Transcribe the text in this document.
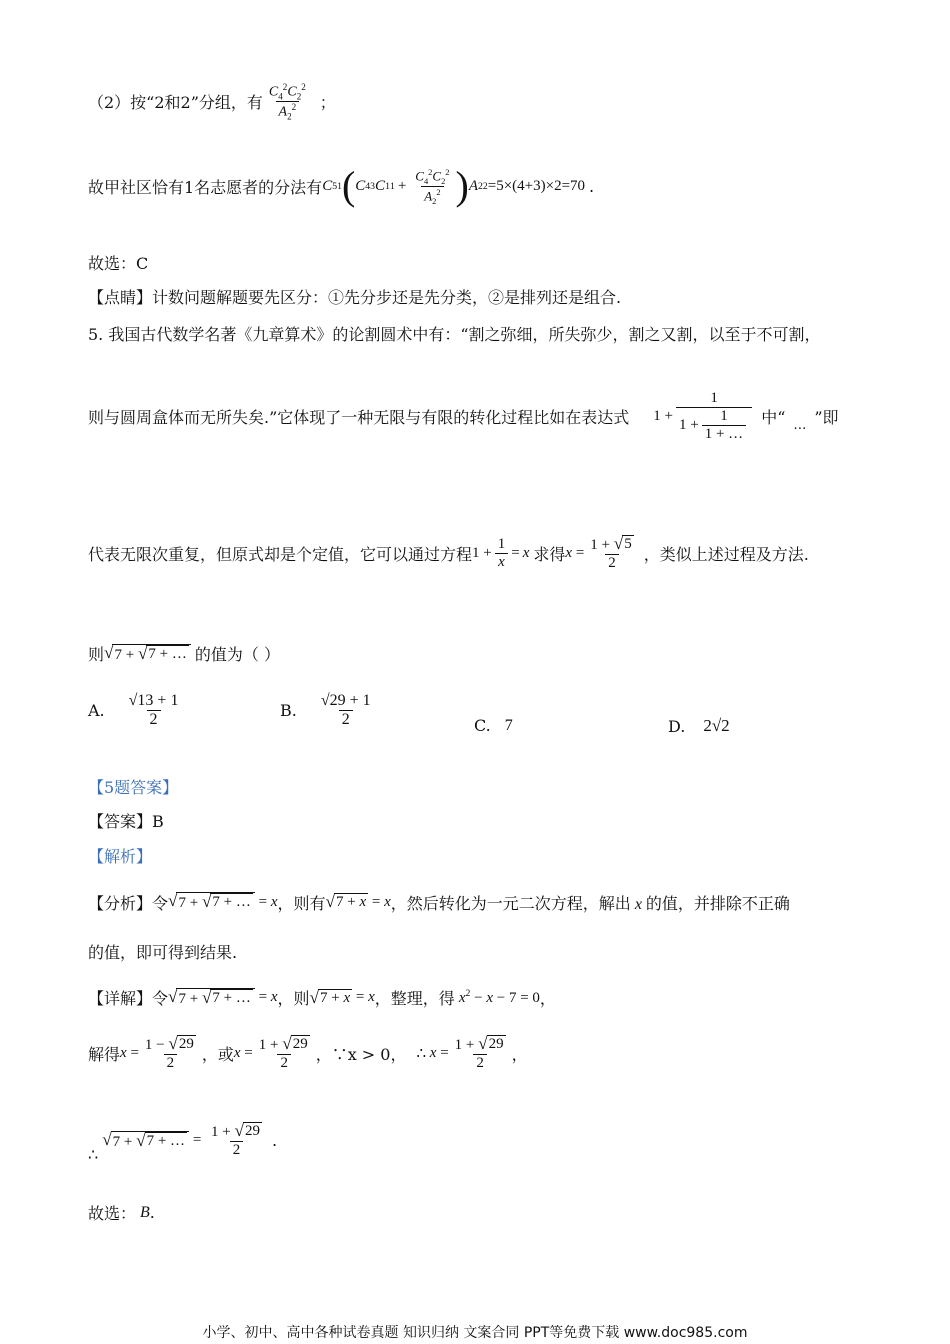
（2）按“2和2”分组，有 $\frac{C_4^2C_2^2}{A_2^2}$ ；
故甲社区恰有1名志愿者的分法有 C 5 1 ( C 4 3 C 1 $1 + \frac{C_4^2C_2^2}{A_2^2}$ ) A 2 2 =5×(4+3)×2=70 .
故选：C
【点睛】计数问题解题要先区分：①先分步还是先分类，②是排列还是组合.
5. 我国古代数学名著《九章算术》的论割圆术中有：“割之弥细，所失弥少，割之又割，以至于不可割，
则与圆周盒体而无所失矣.”它体现了一种无限与有限的转化过程比如在表达式 $1 + \frac{1}{1 + \frac{1}{1 + \dots}}$ 中“ … ”即
代表无限次重复，但原式却是个定值，它可以通过方程 $1 + \frac{1}{x} = x$ 求得 $x = \frac{1 + √ 5}{2}$ ，类似上述过程及方法.
则 √ 7 + √ 7 + … 的值为（ ）
A. $\frac{√13 + 1}{2}$	B. $\frac{√29 + 1}{2}$	C. 7	D. 2√2
【5题答案】
【答案】B
【解析】
【分析】令 √ 7 + √ 7 + … = x ，则有 √ 7 + x = x ，然后转化为一元二次方程，解出 x 的值，并排除不正确
的值，即可得到结果.
【详解】令 √ 7 + √ 7 + … = x ，则 √ 7 + x = x ，整理，得 $x^2 - x - 7 = 0$ ，
解得 $x = \frac{1 - √ 29}{2}$ ，或 $x = \frac{1 + √ 29}{2}$ ，∵x > 0， ∴ $x = \frac{1 + √ 29}{2}$ ，
∴
√ 7 + √ 7 + … = $\frac{1 + √ 29}{2}$ .
故选： B .
小学、初中、高中各种试卷真题 知识归纳 文案合同 PPT等免费下载 www.doc985.com
